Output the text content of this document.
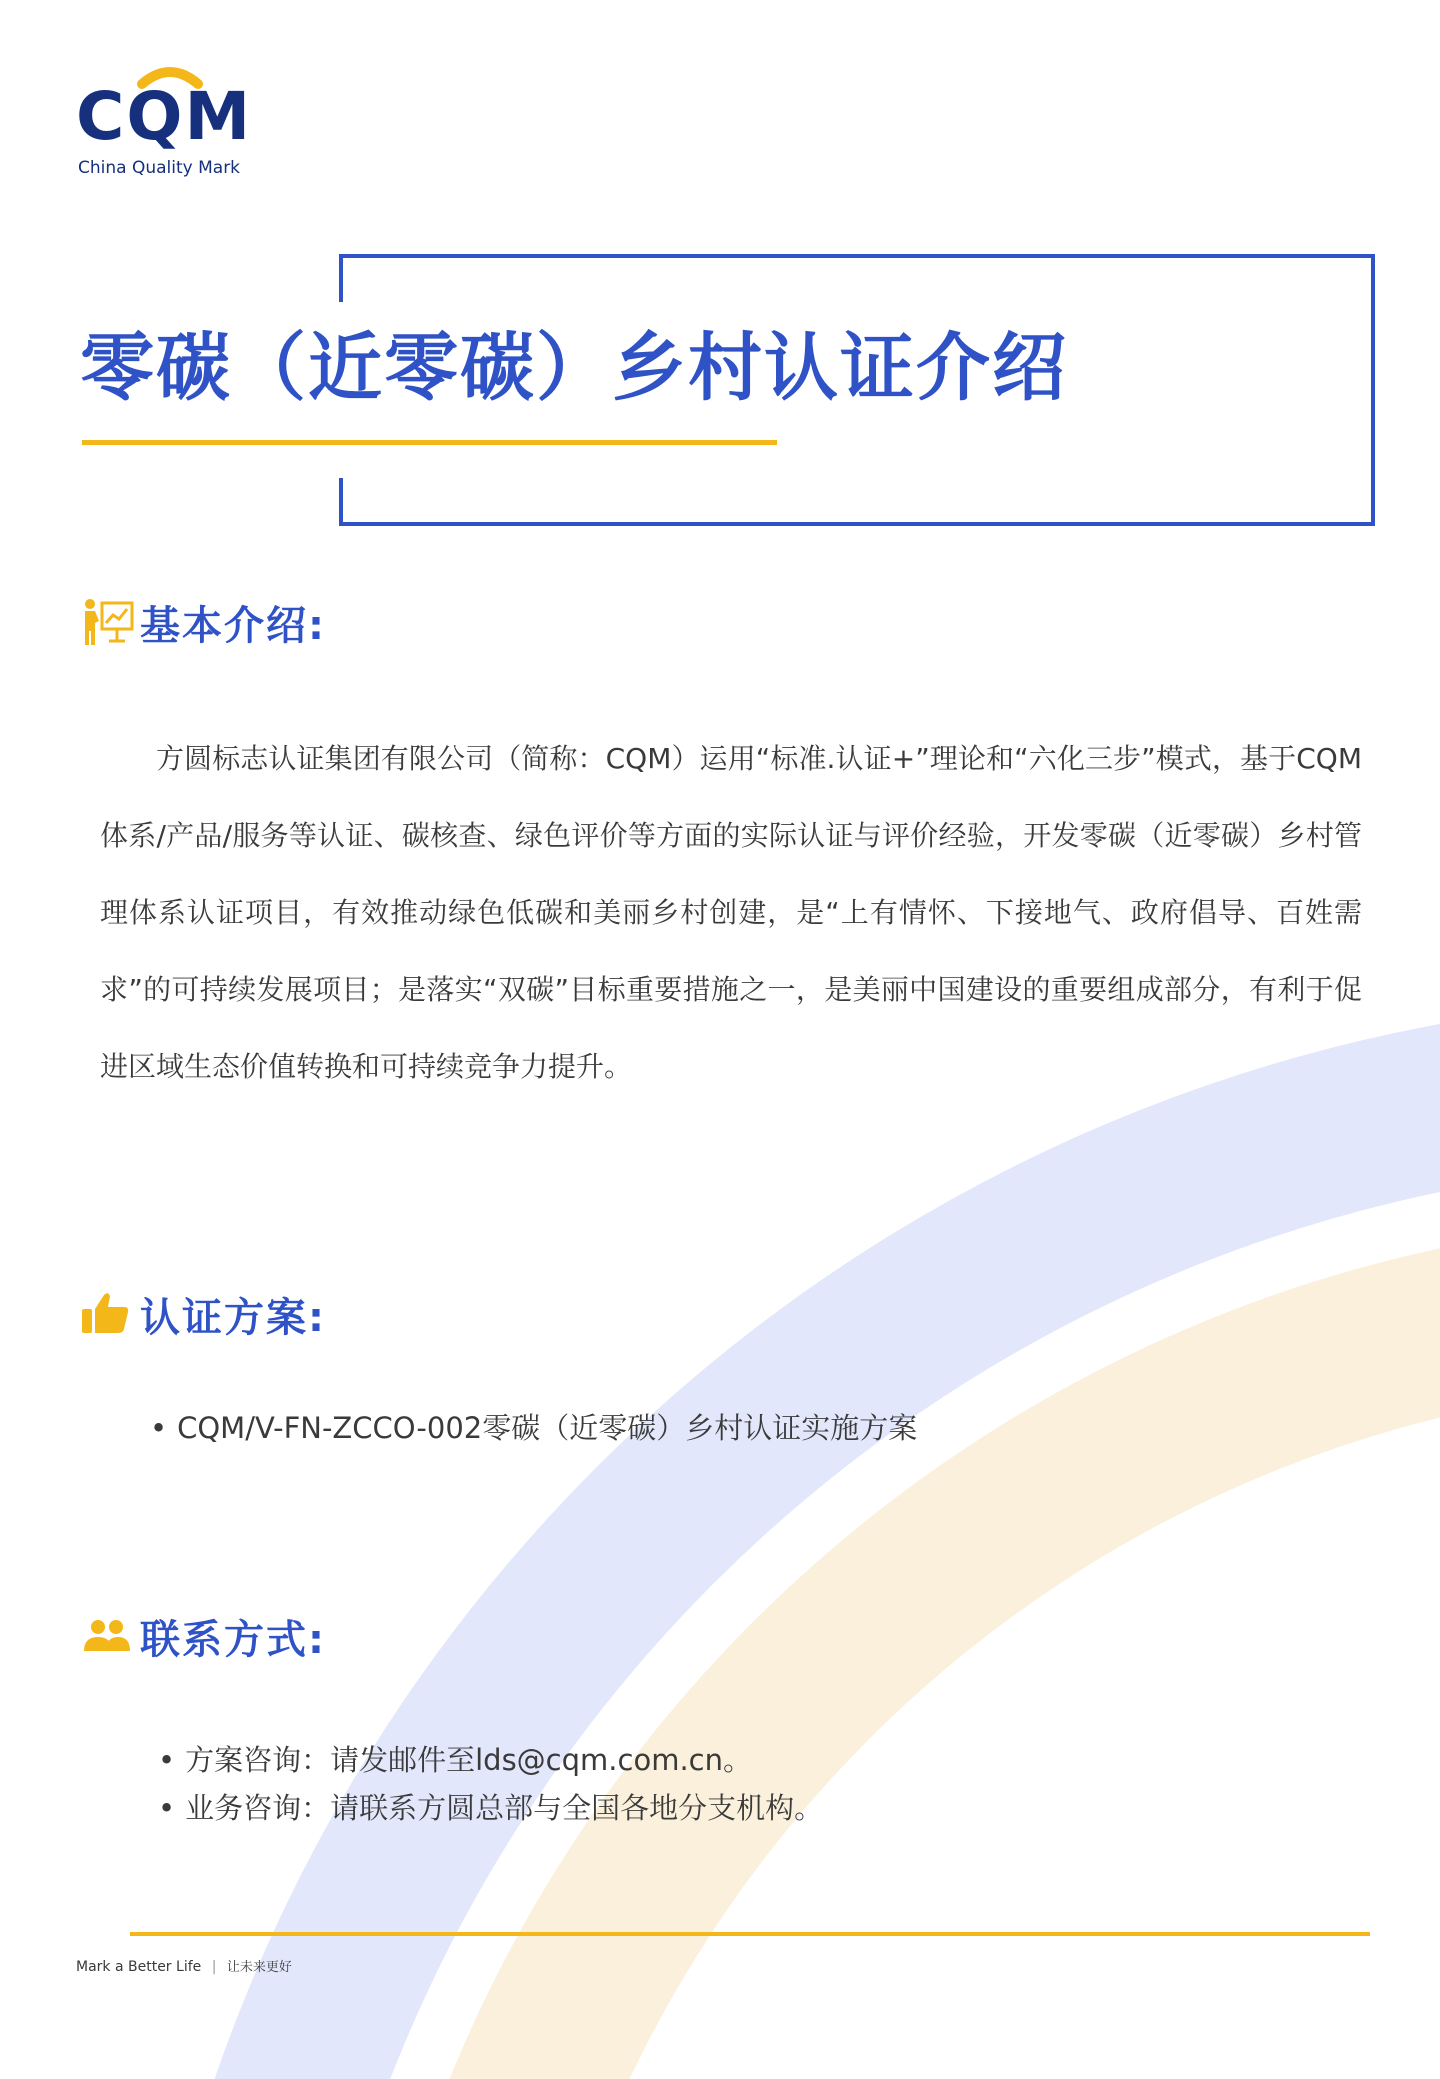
CQM
China Quality Mark
零碳（近零碳）乡村认证介绍
基本介绍:

方圆标志认证集团有限公司（简称：CQM）运用“标准.认证+”理论和“六化三步”模式，基于CQM体系/产品/服务等认证、碳核查、绿色评价等方面的实际认证与评价经验，开发零碳（近零碳）乡村管理体系认证项目，有效推动绿色低碳和美丽乡村创建，是“上有情怀、下接地气、政府倡导、百姓需求”的可持续发展项目；是落实“双碳”目标重要措施之一，是美丽中国建设的重要组成部分，有利于促进区域生态价值转换和可持续竞争力提升。

认证方案:
• CQM/V-FN-ZCCO-002零碳（近零碳）乡村认证实施方案
联系方式:
• 方案咨询：请发邮件至lds@cqm.com.cn。
• 业务咨询：请联系方圆总部与全国各地分支机构。
Mark a Better Life | 让未来更好
